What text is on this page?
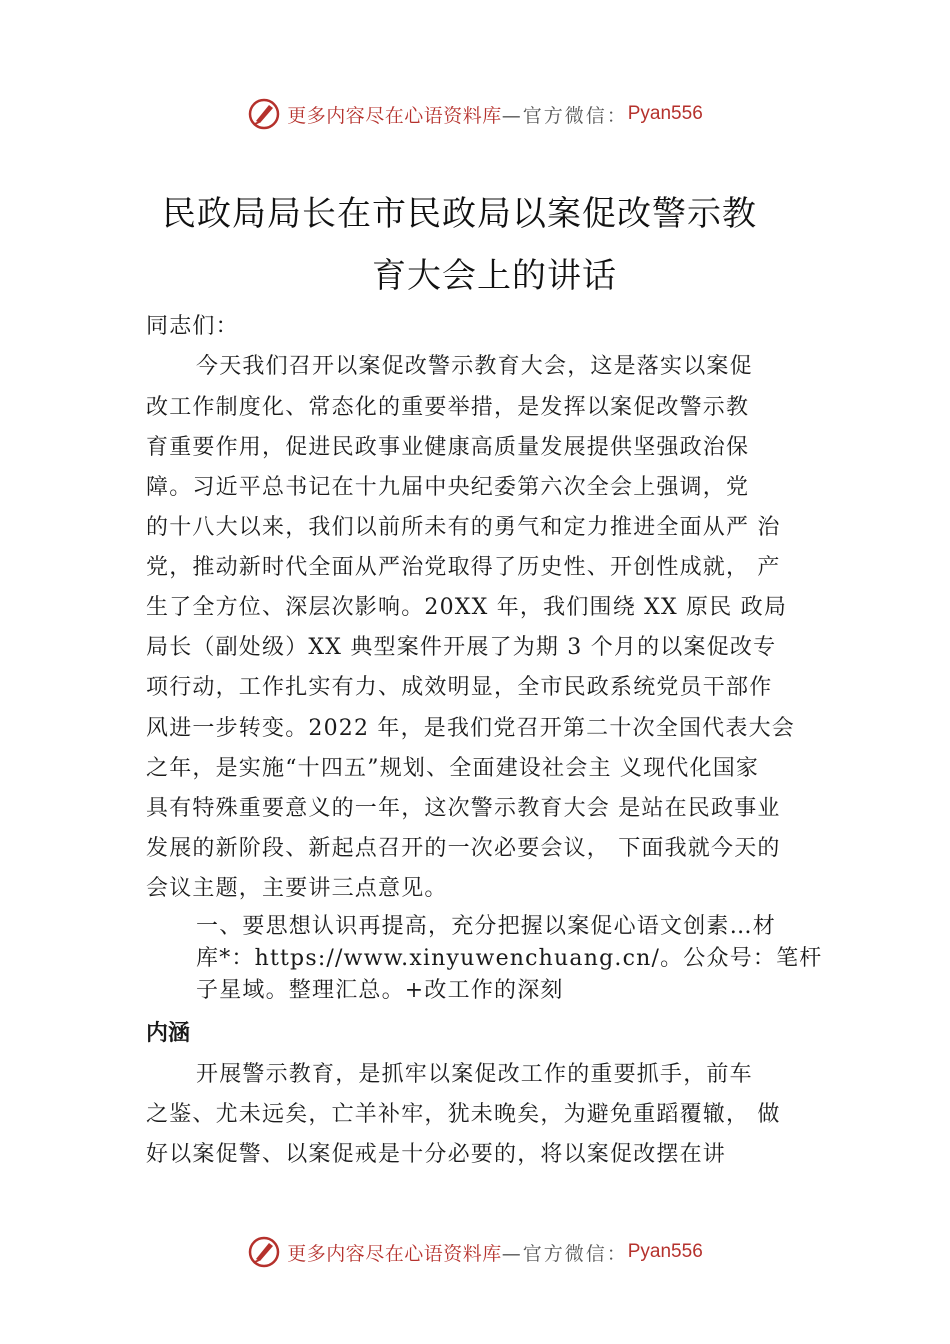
更多内容尽在心语资料库 —官方微信： Pyan556
民政局局长在市民政局以案促改警示教
育大会上的讲话
同志们：
今天我们召开以案促改警示教育大会，这是落实以案促
改工作制度化、常态化的重要举措，是发挥以案促改警示教
育重要作用，促进民政事业健康高质量发展提供坚强政治保
障。习近平总书记在十九届中央纪委第六次全会上强调，党
的十八大以来，我们以前所未有的勇气和定力推进全面从严 治
党，推动新时代全面从严治党取得了历史性、开创性成就， 产
生了全方位、深层次影响。20XX 年，我们围绕 XX 原民 政局
局长（副处级）XX 典型案件开展了为期 3 个月的以案促改专
项行动，工作扎实有力、成效明显，全市民政系统党员干部作
风进一步转变。2022 年，是我们党召开第二十次全国代表大会
之年，是实施“十四五”规划、全面建设社会主 义现代化国家
具有特殊重要意义的一年，这次警示教育大会 是站在民政事业
发展的新阶段、新起点召开的一次必要会议， 下面我就今天的
会议主题，主要讲三点意见。
一、要思想认识再提高，充分把握以案促心语文创素…材
库*：https://www.xinyuwenchuang.cn/。公众号：笔杆
子星域。整理汇总。+改工作的深刻
内涵
开展警示教育，是抓牢以案促改工作的重要抓手，前车
之鉴、尤未远矣，亡羊补牢，犹未晚矣，为避免重蹈覆辙， 做
好以案促警、以案促戒是十分必要的，将以案促改摆在讲
更多内容尽在心语资料库 —官方微信： Pyan556
